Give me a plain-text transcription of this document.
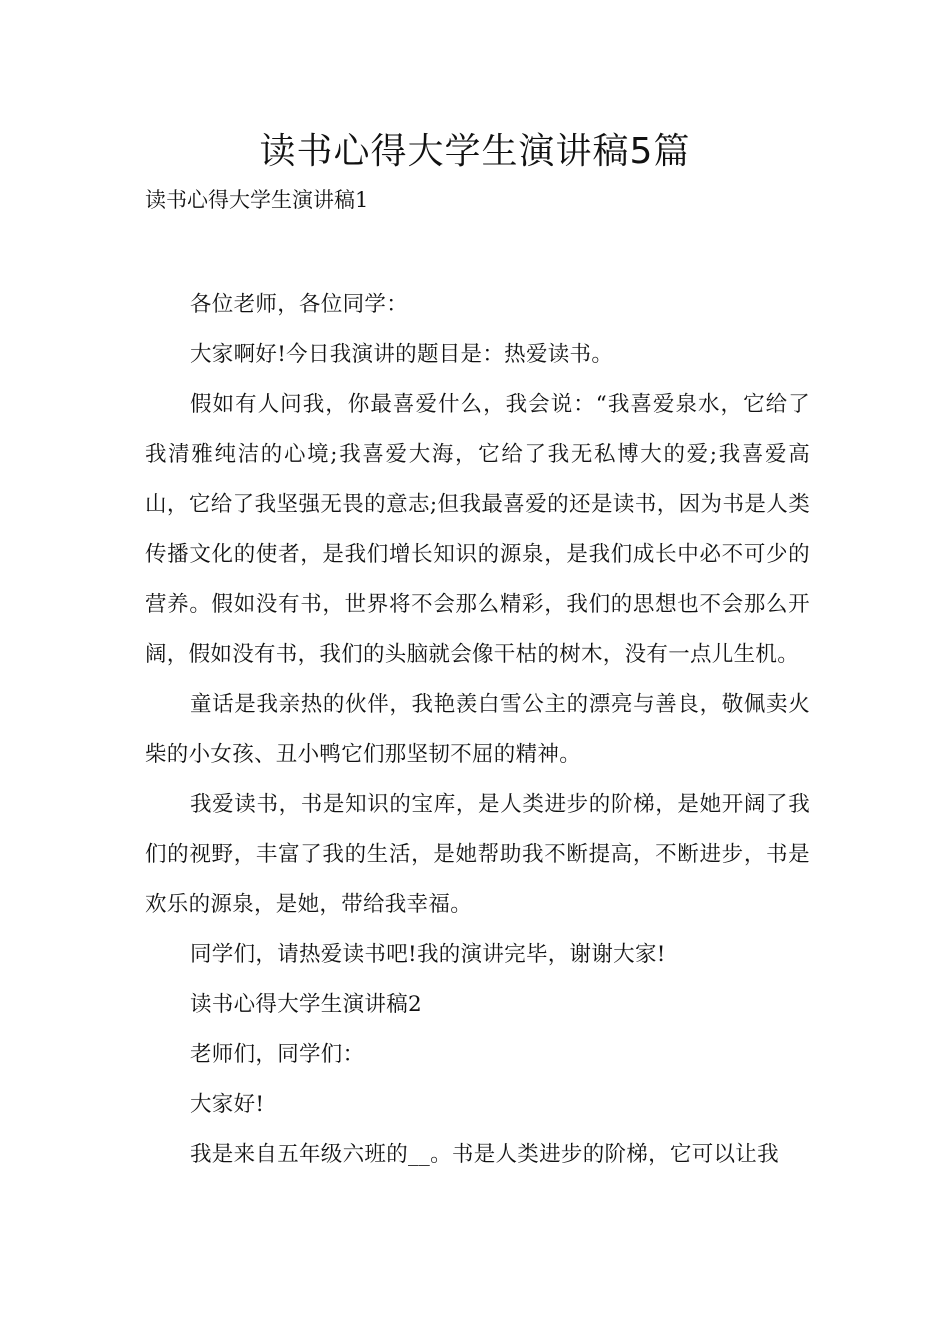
读书心得大学生演讲稿5篇

读书心得大学生演讲稿1

各位老师，各位同学：

大家啊好!今日我演讲的题目是：热爱读书。

假如有人问我，你最喜爱什么，我会说：“我喜爱泉水，它给了我清雅纯洁的心境;我喜爱大海，它给了我无私博大的爱;我喜爱高山，它给了我坚强无畏的意志;但我最喜爱的还是读书，因为书是人类传播文化的使者，是我们增长知识的源泉，是我们成长中必不可少的营养。假如没有书，世界将不会那么精彩，我们的思想也不会那么开阔，假如没有书，我们的头脑就会像干枯的树木，没有一点儿生机。

童话是我亲热的伙伴，我艳羡白雪公主的漂亮与善良，敬佩卖火柴的小女孩、丑小鸭它们那坚韧不屈的精神。

我爱读书，书是知识的宝库，是人类进步的阶梯，是她开阔了我们的视野，丰富了我的生活，是她帮助我不断提高，不断进步，书是欢乐的源泉，是她，带给我幸福。

同学们，请热爱读书吧!我的演讲完毕，谢谢大家!

读书心得大学生演讲稿2

老师们，同学们：

大家好!

我是来自五年级六班的__。书是人类进步的阶梯，它可以让我
